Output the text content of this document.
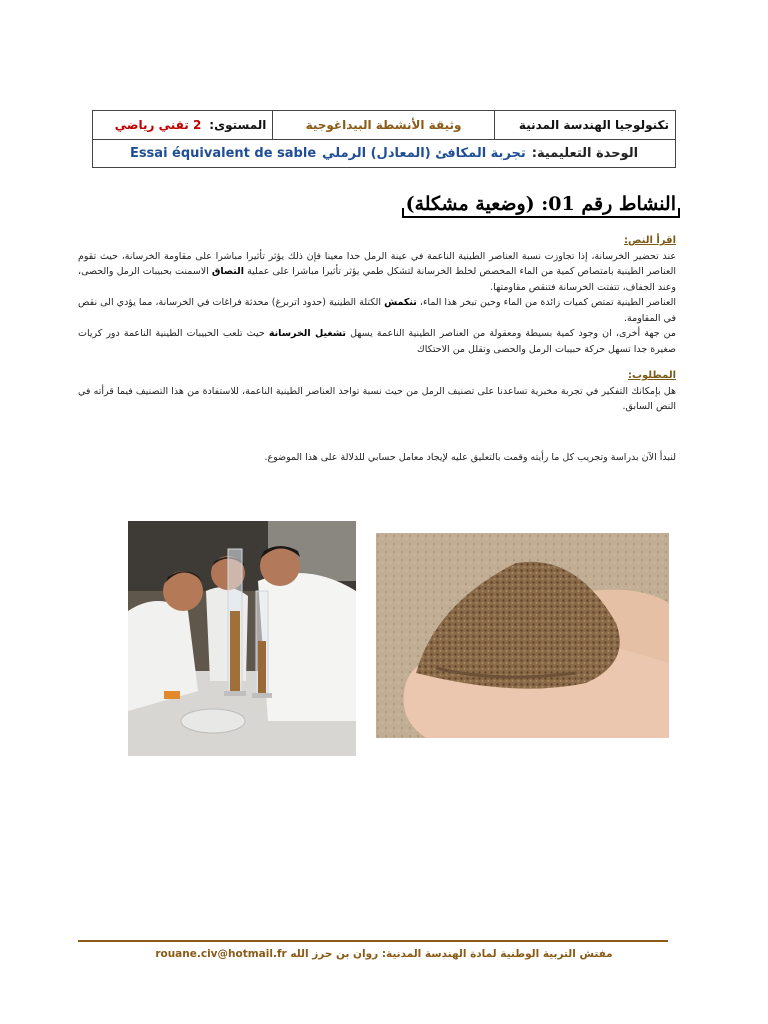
تكنولوجيا الهندسة المدنية
وثيقة الأنشطة البيداغوجية
المستوى:
2 تقني رياضي
الوحدة التعليمية:
تجربة المكافئ (المعادل) الرملي
Essai équivalent de sable
النشاط رقم 01: (وضعية مشكلة)

اقرأ النص:

عند تحضير الخرسانة، إذا تجاوزت نسبة العناصر الطينية الناعمة في عينة الرمل حدا معينا فإن ذلك يؤثر تأثيرا مباشرا على مقاومة الخرسانة، حيث تقوم العناصر الطينية بامتصاص كمية من الماء المخصص لخلط الخرسانة لتشكل طمي يؤثر تأثيرا مباشرا على عملية التصاق الاسمنت بحبيبات الرمل والحصى، وعند الجفاف، تتفتت الخرسانة فتنقص مقاومتها.

العناصر الطينية تمتص كميات زائدة من الماء وحين تبخر هذا الماء، تنكمش الكتلة الطينية (حدود اتربرغ) محدثة فراغات في الخرسانة، مما يؤدي الى نقص في المقاومة.

من جهة أخرى، ان وجود كمية بسيطة ومعقولة من العناصر الطينية الناعمة يسهل تشغيل الخرسانة حيث تلعب الحبيبات الطينية الناعمة دور كريات صغيرة جدا تسهل حركة حبيبات الرمل والحصى وتقلل من الاحتكاك

المطلوب:

هل بإمكانك التفكير في تجربة مخبرية تساعدنا على تصنيف الرمل من حيث نسبة تواجد العناصر الطينية الناعمة، للاستفادة من هذا التصنيف فيما قرأته في النص السابق.

لنبدأ الآن بدراسة وتجريب كل ما رأيته وقمت بالتعليق عليه لإيجاد معامل حسابي للدلالة على هذا الموضوع.

مفتش التربية الوطنية لمادة الهندسة المدنية: روان بن حرز الله rouane.civ@hotmail.fr
